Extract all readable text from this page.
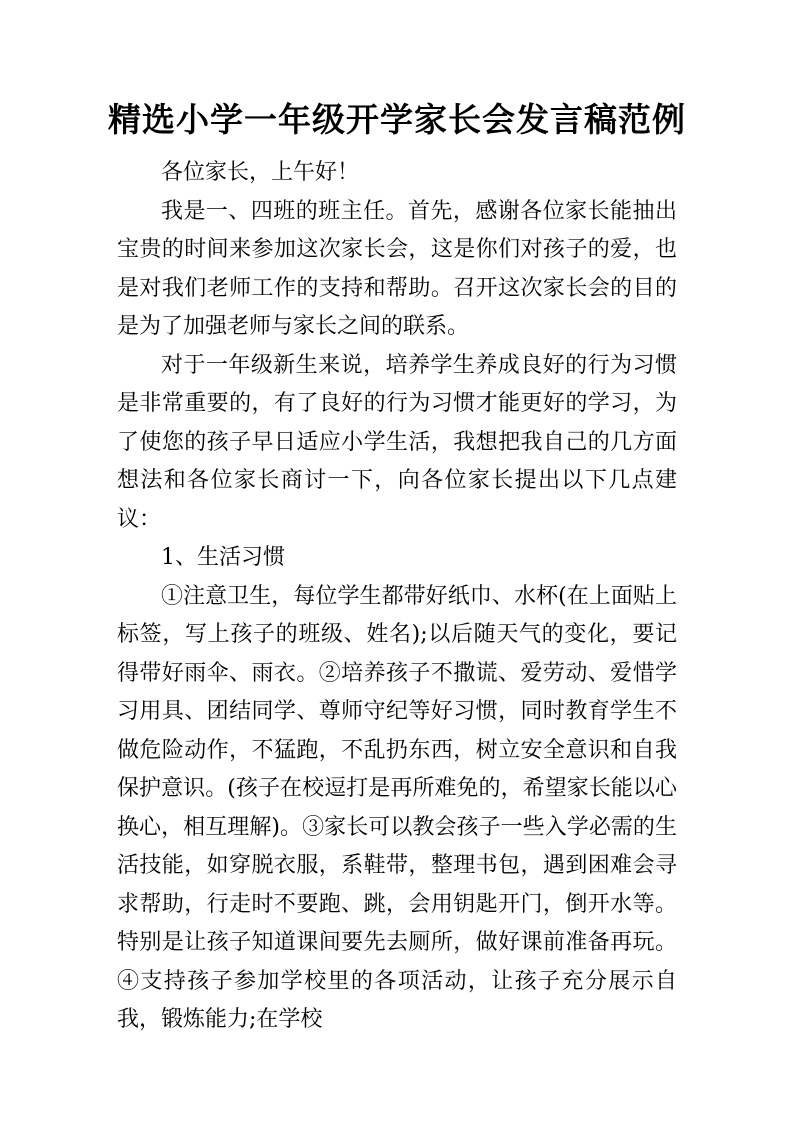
精选小学一年级开学家长会发言稿范例

各位家长，上午好！

我是一、四班的班主任。首先，感谢各位家长能抽出宝贵的时间来参加这次家长会，这是你们对孩子的爱，也是对我们老师工作的支持和帮助。召开这次家长会的目的是为了加强老师与家长之间的联系。

对于一年级新生来说，培养学生养成良好的行为习惯是非常重要的，有了良好的行为习惯才能更好的学习，为了使您的孩子早日适应小学生活，我想把我自己的几方面想法和各位家长商讨一下，向各位家长提出以下几点建议：

1、生活习惯

①注意卫生，每位学生都带好纸巾、水杯(在上面贴上标签，写上孩子的班级、姓名);以后随天气的变化，要记得带好雨伞、雨衣。②培养孩子不撒谎、爱劳动、爱惜学习用具、团结同学、尊师守纪等好习惯，同时教育学生不做危险动作，不猛跑，不乱扔东西，树立安全意识和自我保护意识。(孩子在校逗打是再所难免的，希望家长能以心换心，相互理解)。③家长可以教会孩子一些入学必需的生活技能，如穿脱衣服，系鞋带，整理书包，遇到困难会寻求帮助，行走时不要跑、跳，会用钥匙开门，倒开水等。特别是让孩子知道课间要先去厕所，做好课前准备再玩。④支持孩子参加学校里的各项活动，让孩子充分展示自我，锻炼能力;在学校
